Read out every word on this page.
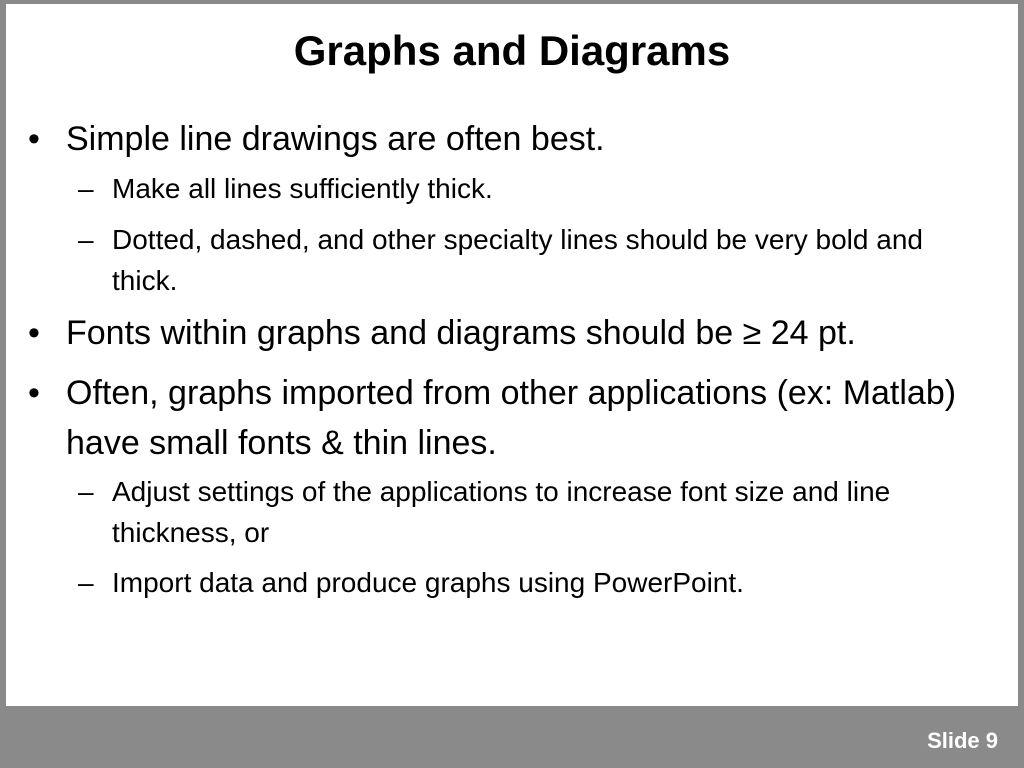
Graphs and Diagrams
• Simple line drawings are often best.
– Make all lines sufficiently thick.
– Dotted, dashed, and other specialty lines should be very bold and thick.
• Fonts within graphs and diagrams should be ≥ 24 pt.
• Often, graphs imported from other applications (ex: Matlab) have small fonts & thin lines.
– Adjust settings of the applications to increase font size and line thickness, or
– Import data and produce graphs using PowerPoint.
Slide 9
